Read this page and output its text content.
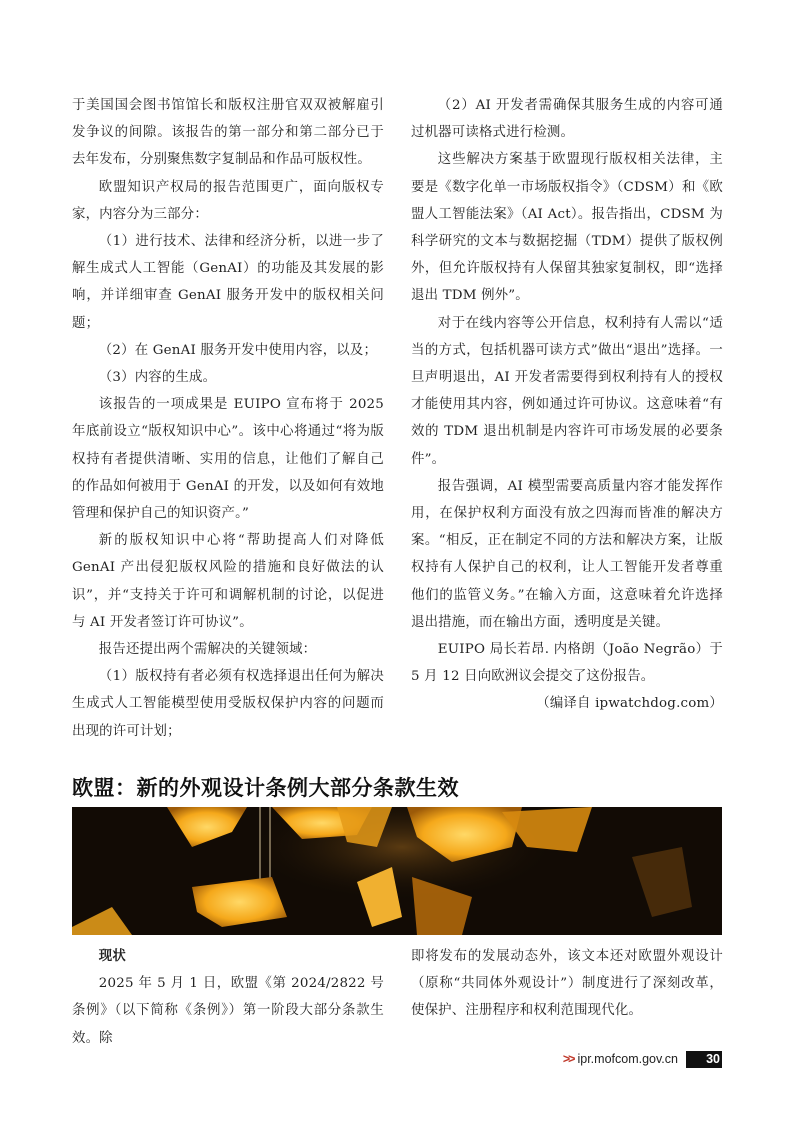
于美国国会图书馆馆长和版权注册官双双被解雇引发争议的间隙。该报告的第一部分和第二部分已于去年发布，分别聚焦数字复制品和作品可版权性。

欧盟知识产权局的报告范围更广，面向版权专家，内容分为三部分：

（1）进行技术、法律和经济分析，以进一步了解生成式人工智能（GenAI）的功能及其发展的影响，并详细审查 GenAI 服务开发中的版权相关问题；

（2）在 GenAI 服务开发中使用内容，以及；

（3）内容的生成。

该报告的一项成果是 EUIPO 宣布将于 2025 年底前设立“版权知识中心”。该中心将通过“将为版权持有者提供清晰、实用的信息，让他们了解自己的作品如何被用于 GenAI 的开发，以及如何有效地管理和保护自己的知识资产。”

新的版权知识中心将“帮助提高人们对降低 GenAI 产出侵犯版权风险的措施和良好做法的认识”，并“支持关于许可和调解机制的讨论，以促进与 AI 开发者签订许可协议”。

报告还提出两个需解决的关键领域：

（1）版权持有者必须有权选择退出任何为解决生成式人工智能模型使用受版权保护内容的问题而出现的许可计划；

（2）AI 开发者需确保其服务生成的内容可通过机器可读格式进行检测。

这些解决方案基于欧盟现行版权相关法律，主要是《数字化单一市场版权指令》（CDSM）和《欧盟人工智能法案》（AI Act）。报告指出，CDSM 为科学研究的文本与数据挖掘（TDM）提供了版权例外，但允许版权持有人保留其独家复制权，即“选择退出 TDM 例外”。

对于在线内容等公开信息，权利持有人需以“适当的方式，包括机器可读方式”做出“退出”选择。一旦声明退出，AI 开发者需要得到权利持有人的授权才能使用其内容，例如通过许可协议。这意味着“有效的 TDM 退出机制是内容许可市场发展的必要条件”。

报告强调，AI 模型需要高质量内容才能发挥作用，在保护权利方面没有放之四海而皆准的解决方案。“相反，正在制定不同的方法和解决方案，让版权持有人保护自己的权利，让人工智能开发者尊重他们的监管义务。”在输入方面，这意味着允许选择退出措施，而在输出方面，透明度是关键。

EUIPO 局长若昂. 内格朗（João Negrão）于 5 月 12 日向欧洲议会提交了这份报告。

（编译自 ipwatchdog.com）

欧盟：新的外观设计条例大部分条款生效

现状

2025 年 5 月 1 日，欧盟《第 2024/2822 号条例》（以下简称《条例》）第一阶段大部分条款生效。除

即将发布的发展动态外，该文本还对欧盟外观设计（原称“共同体外观设计”）制度进行了深刻改革，使保护、注册程序和权利范围现代化。

>> ipr.mofcom.gov.cn	30
